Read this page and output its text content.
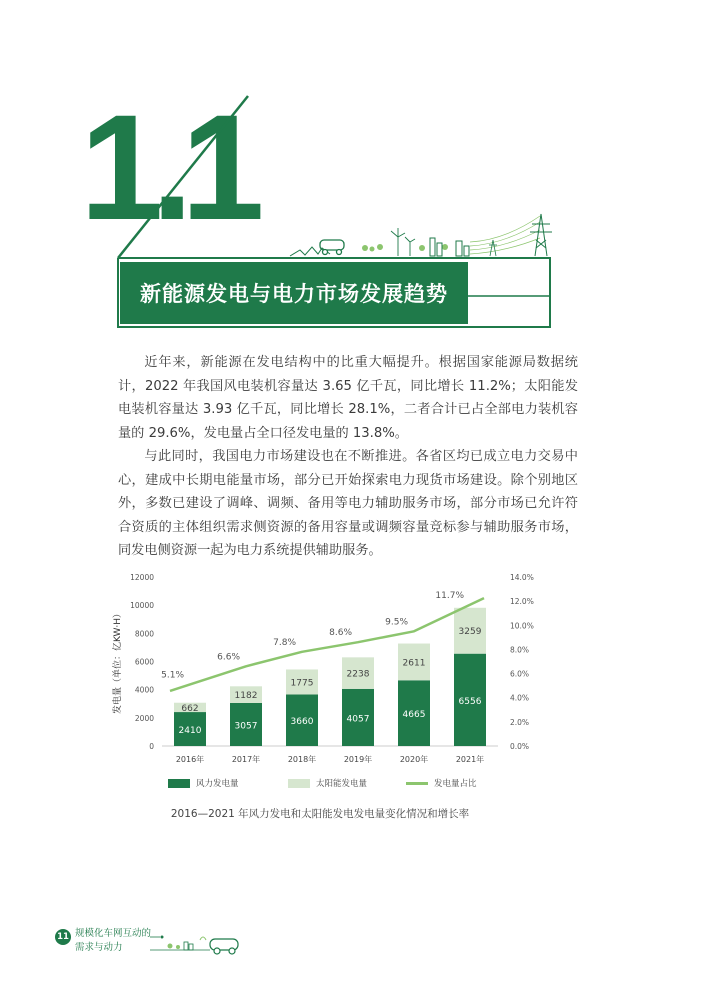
1.1
新能源发电与电力市场发展趋势

近年来，新能源在发电结构中的比重大幅提升。根据国家能源局数据统计，2022 年我国风电装机容量达 3.65 亿千瓦，同比增长 11.2%；太阳能发电装机容量达 3.93 亿千瓦，同比增长 28.1%，二者合计已占全部电力装机容量的 29.6%，发电量占全口径发电量的 13.8%。

与此同时，我国电力市场建设也在不断推进。各省区均已成立电力交易中心，建成中长期电能量市场，部分已开始探索电力现货市场建设。除个别地区外，多数已建设了调峰、调频、备用等电力辅助服务市场，部分市场已允许符合资质的主体组织需求侧资源的备用容量或调频容量竞标参与辅助服务市场，同发电侧资源一起为电力系统提供辅助服务。

0
2000
4000
6000
8000
10000
12000
0.0%
2.0%
4.0%
6.0%
8.0%
10.0%
12.0%
14.0%
发电量（单位：亿KW·H）
2410
662
2016年
3057
1182
2017年
3660
1775
2018年
4057
2238
2019年
4665
2611
2020年
6556
3259
2021年
5.1%
6.6%
7.8%
8.6%
9.5%
11.7%
风力发电量	太阳能发电量	发电量占比
2016—2021 年风力发电和太阳能发电发电量变化情况和增长率
11 规模化车网互动的
需求与动力
